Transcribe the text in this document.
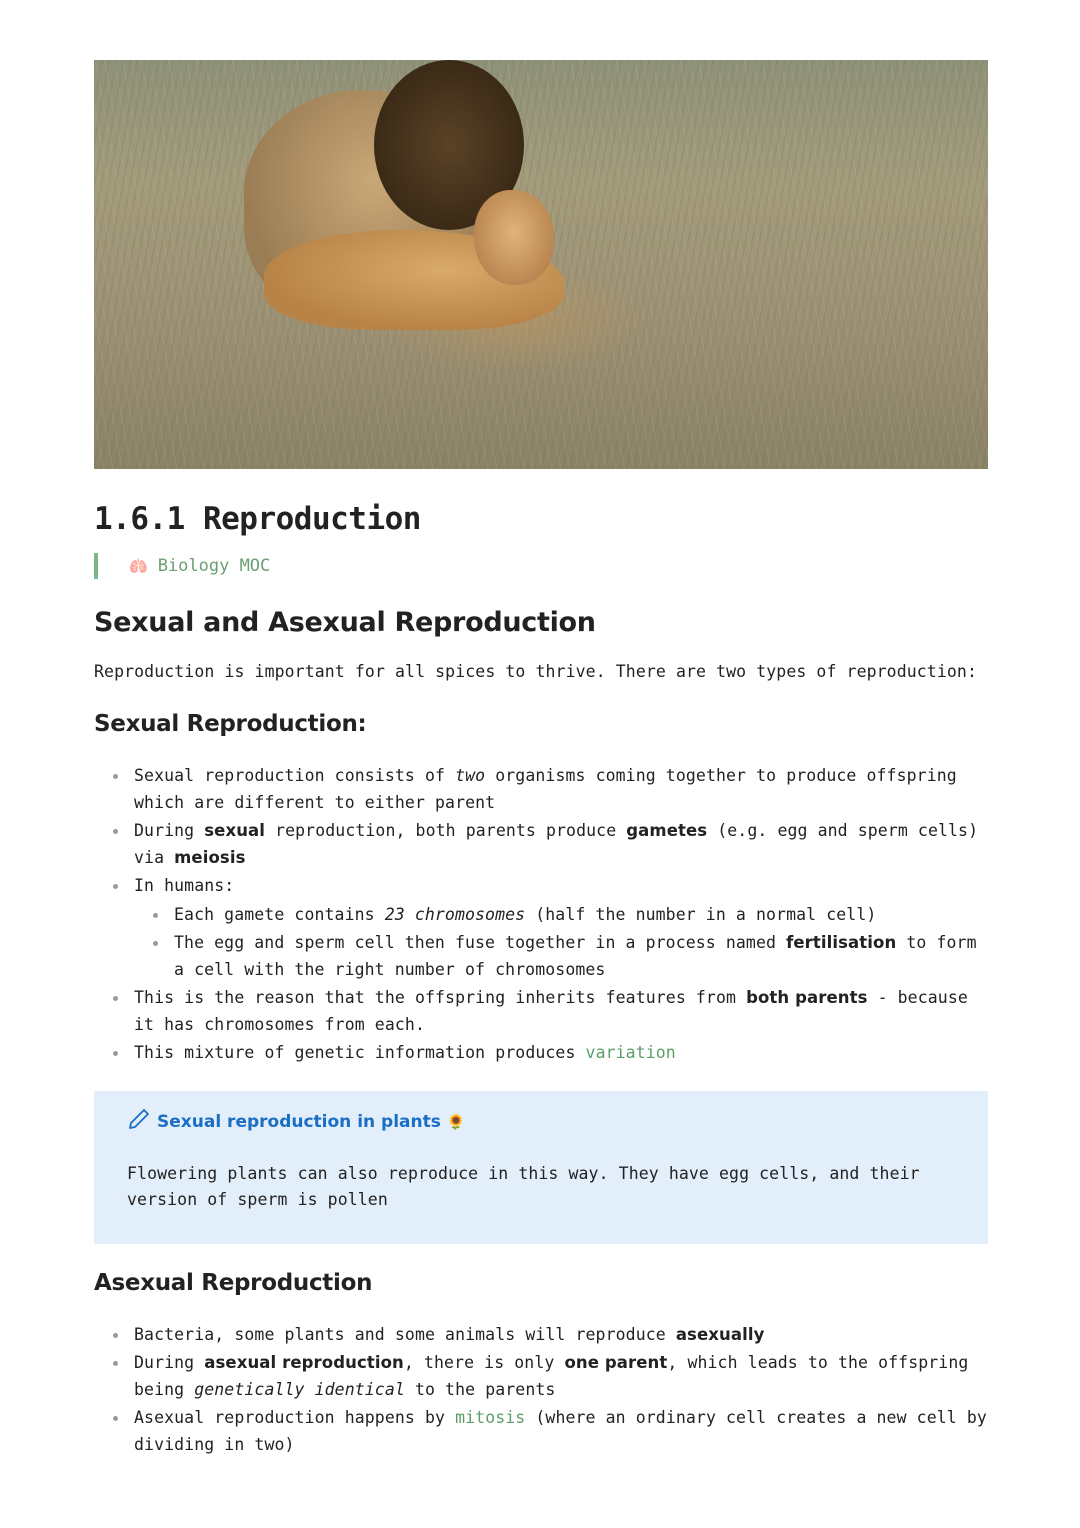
1.6.1 Reproduction
🫁 Biology MOC
Sexual and Asexual Reproduction

Reproduction is important for all spices to thrive. There are two types of reproduction:

Sexual Reproduction:
Sexual reproduction consists of two organisms coming together to produce offspring which are different to either parent
During sexual reproduction, both parents produce gametes (e.g. egg and sperm cells) via meiosis
In humans:
Each gamete contains 23 chromosomes (half the number in a normal cell)
The egg and sperm cell then fuse together in a process named fertilisation to form a cell with the right number of chromosomes
This is the reason that the offspring inherits features from both parents - because it has chromosomes from each.
This mixture of genetic information produces variation
Sexual reproduction in plants 🌻
Flowering plants can also reproduce in this way. They have egg cells, and their version of sperm is pollen
Asexual Reproduction
Bacteria, some plants and some animals will reproduce asexually
During asexual reproduction, there is only one parent, which leads to the offspring being genetically identical to the parents
Asexual reproduction happens by mitosis (where an ordinary cell creates a new cell by dividing in two)
